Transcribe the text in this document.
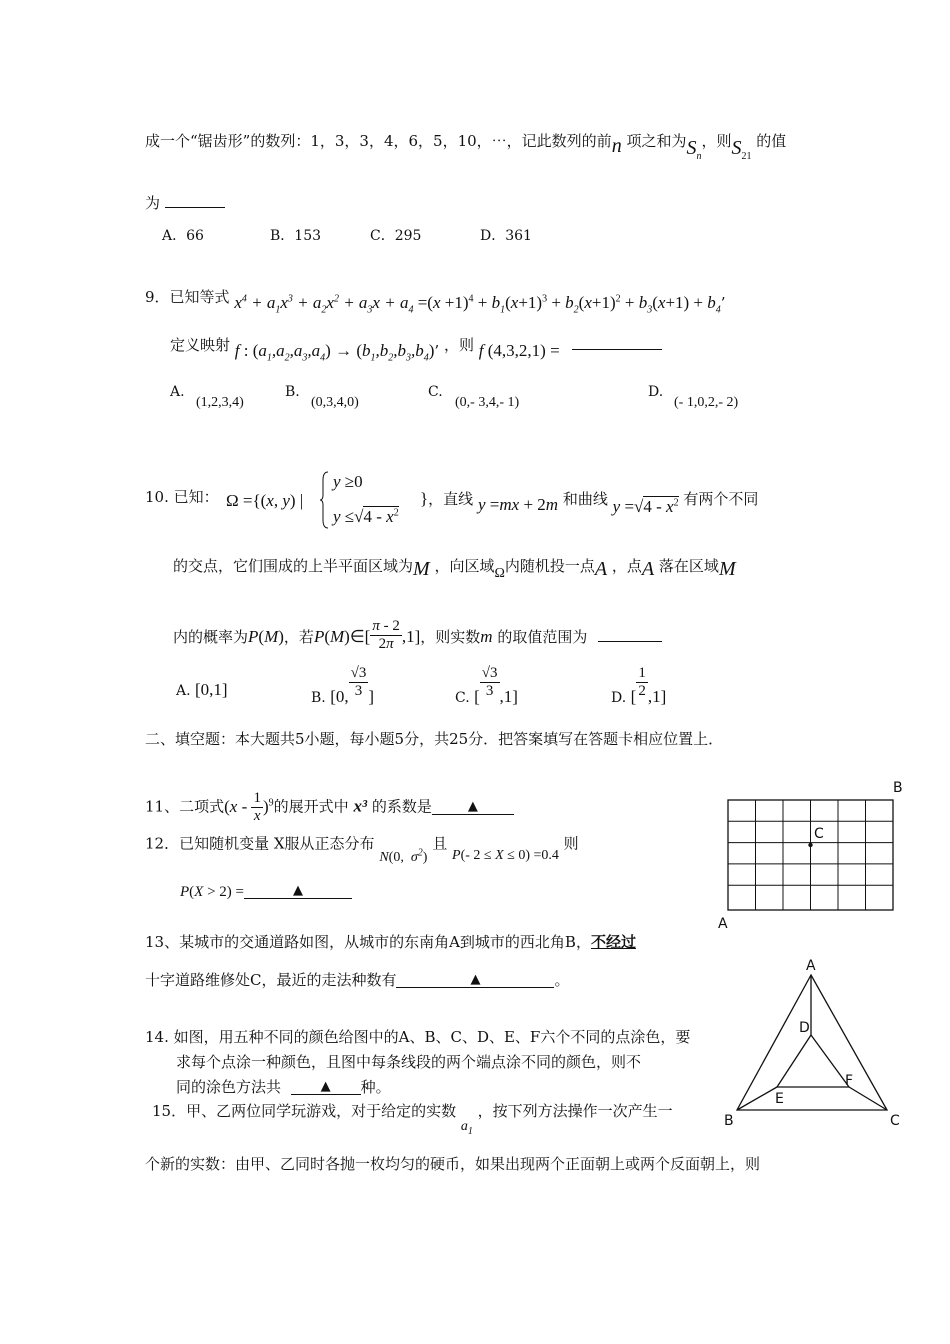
成一个“锯齿形”的数列：1，3，3，4，6，5，10，⋯，记此数列的前n 项之和为$S_n$，则$S_{21}$ 的值
为
A．66	B．153	C．295	D．361
9．已知等式 $x^4 + a_1x^3 + a_2x^2 + a_3x + a_4 =(x +1)^4 + b_1(x+1)^3 + b_2(x+1)^2 + b_3(x+1) + b_4$’
定义映射 f : $(a_1,a_2,a_3,a_4) \to (b_1,b_2,b_3,b_4)$’ ，则 f (4,3,2,1) =
A.
(1,2,3,4)
B.
(0,3,4,0)
C.
(0,- 3,4,- 1)
D.
(- 1,0,2,- 2)
10. 已知： Ω ={(x, y) |
y ≥0
$y \le√4 - x^2$
}，直线 y =mx + 2m 和曲线 $y =√4 - x^2$ 有两个不同
的交点，它们围成的上半平面区域为M ，向区域Ω内随机投一点A ，点A 落在区域M
内的概率为P(M)，若P(M)∈[ $\frac{\pi - 2}{2\pi} ,1$]，则实数m 的取值范围为
A. [0,1]	B. [0, $\frac{√3}{3}$ ]	C. [ $\frac{√3}{3} ,1$]	D. [ $\frac{1}{2} ,1$]
二、填空题：本大题共5小题，每小题5分，共25分．把答案填写在答题卡相应位置上．
11、二项式$(x - \frac{1}{x} )^9$的展开式中 x³ 的系数是	▲
12．已知随机变量 X服从正态分布 N(0,  $\sigma^2$) 且 P(- 2 ≤ X ≤ 0) =0.4 则
P(X > 2) =	▲
13、某城市的交通道路如图，从城市的东南角A到城市的西北角B，不经过
十字道路维修处C，最近的走法种数有	▲	。
14. 如图，用五种不同的颜色给图中的A、B、C、D、E、F六个不同的点涂色，要
求每个点涂一种颜色，且图中每条线段的两个端点涂不同的颜色，则不
同的涂色方法共	▲ 种。
15．甲、乙两位同学玩游戏，对于给定的实数 $a_1$ ，按下列方法操作一次产生一
个新的实数：由甲、乙同时各抛一枚均匀的硬币，如果出现两个正面朝上或两个反面朝上，则
B
C
A
A
D
F
E
B	C
